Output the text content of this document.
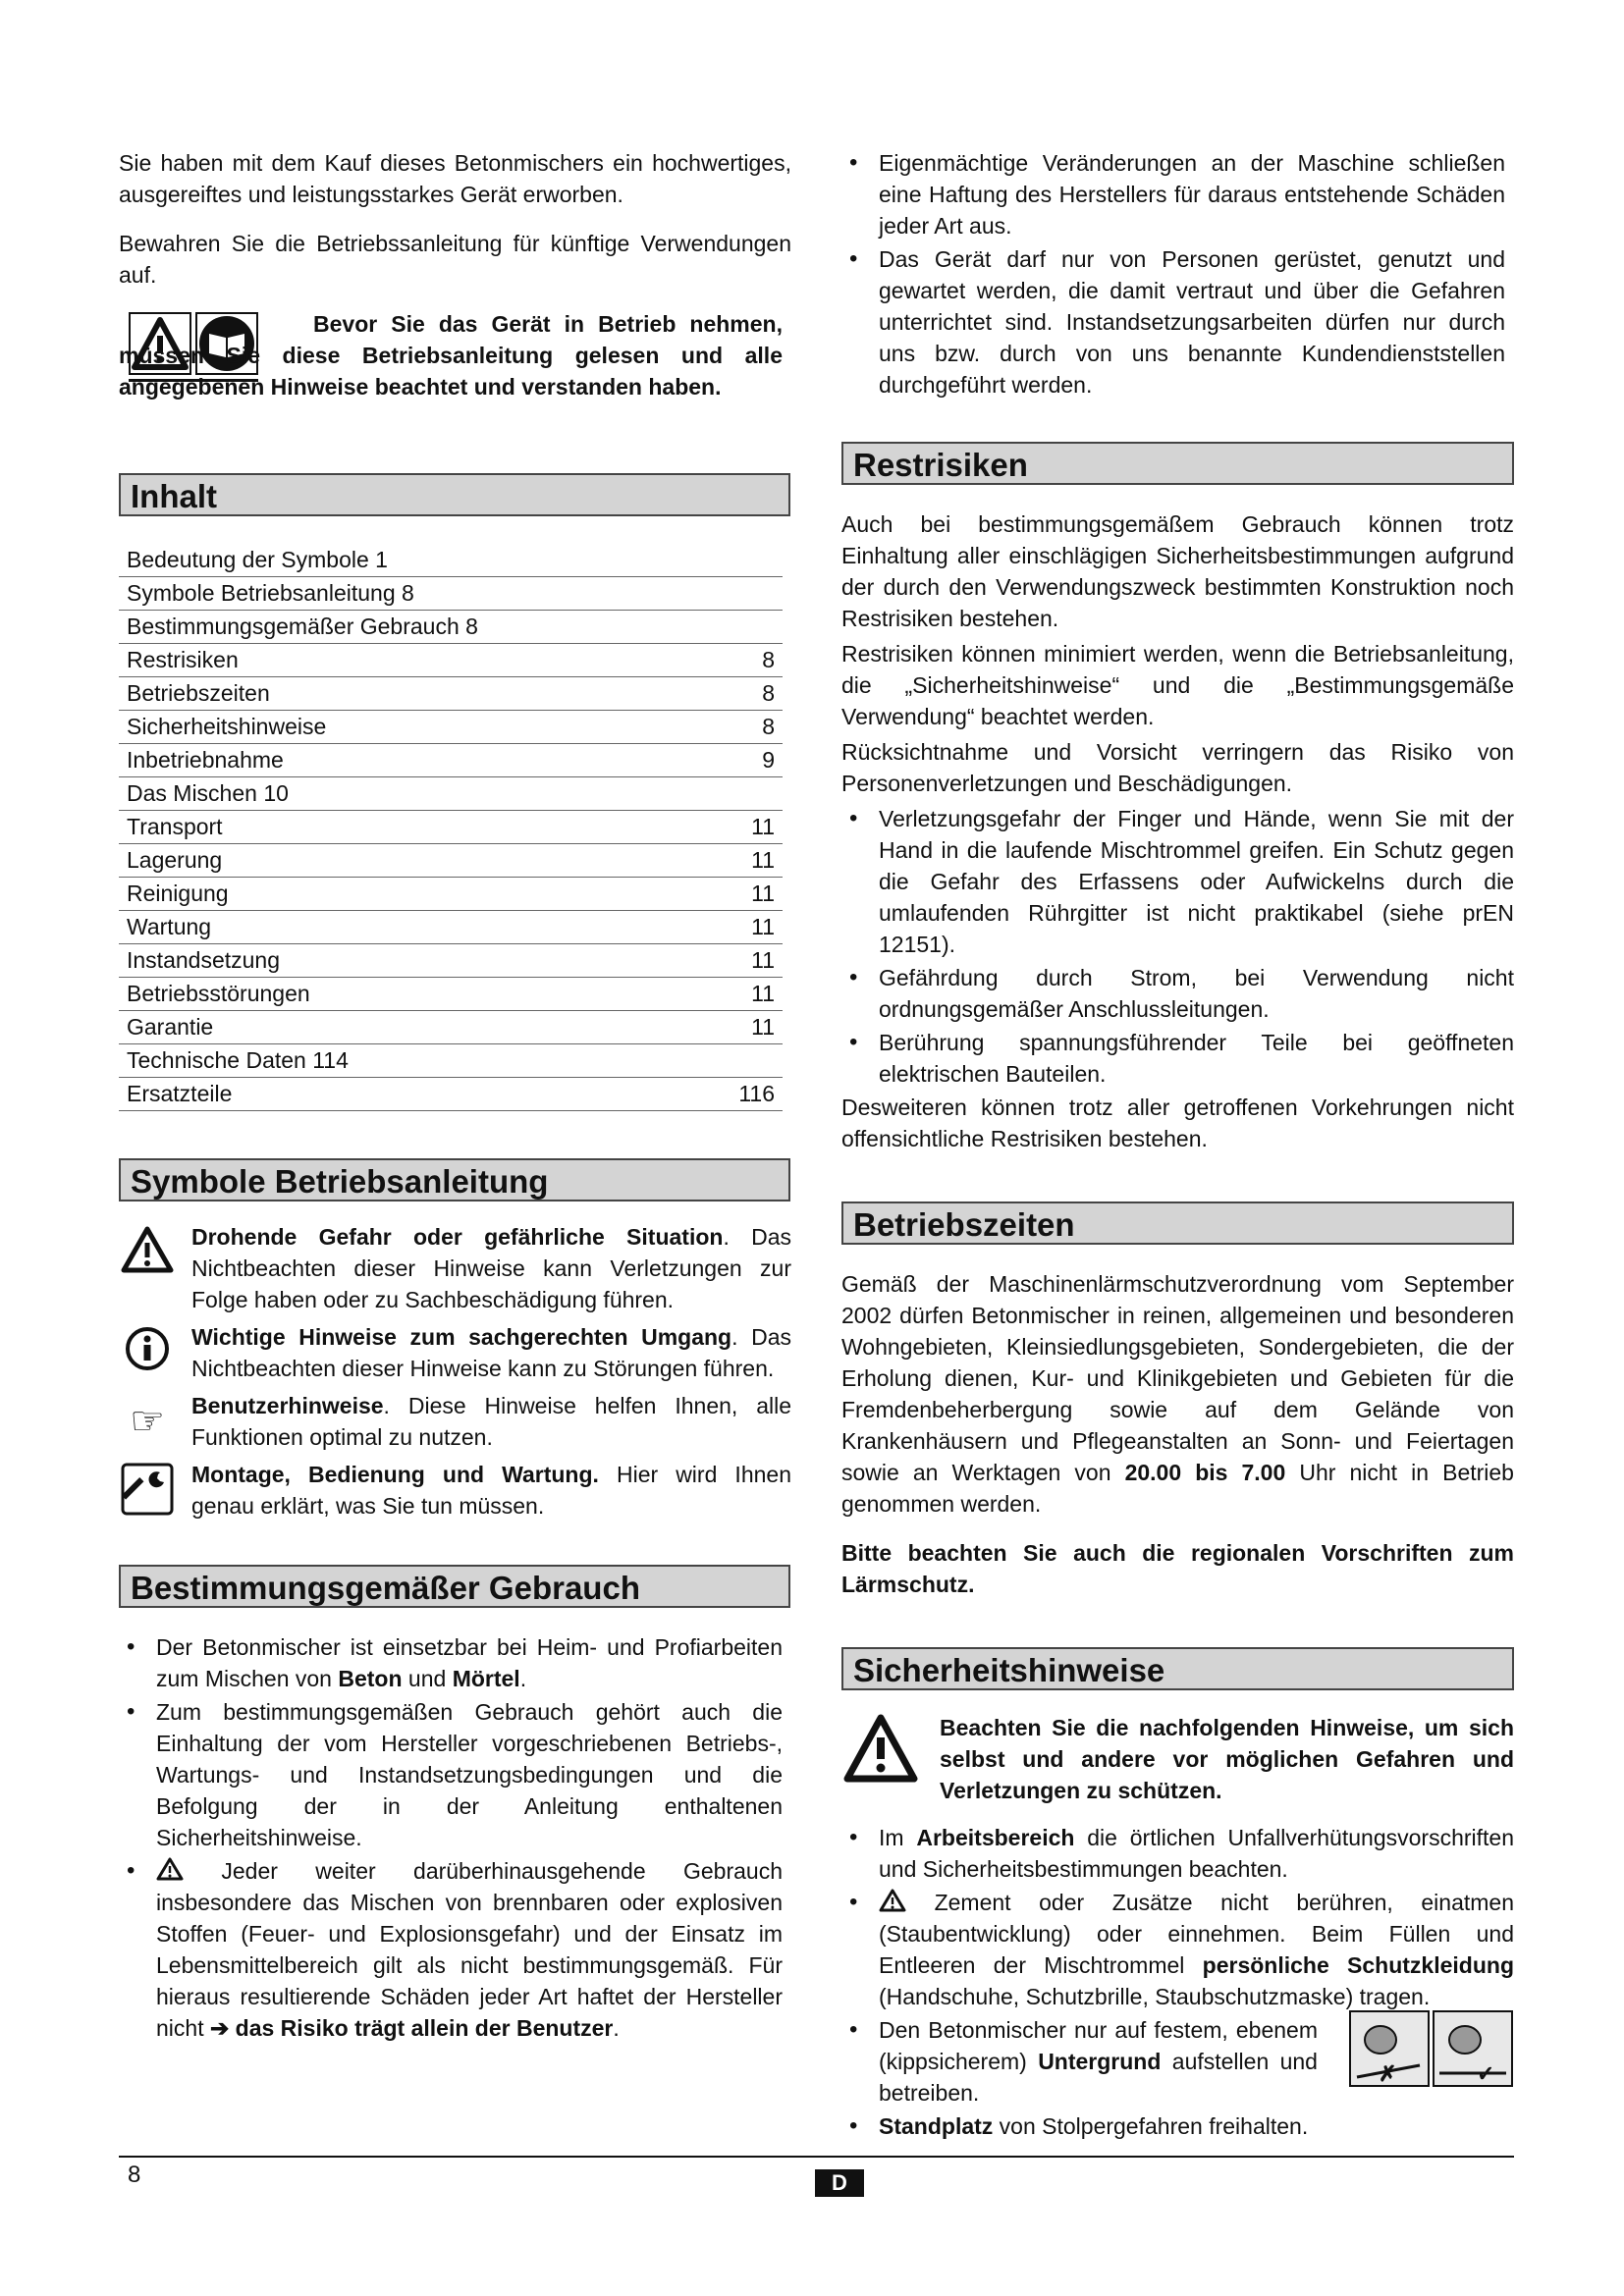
Sie haben mit dem Kauf dieses Betonmischers ein hochwertiges, ausgereiftes und leistungsstarkes Gerät erworben.

Bewahren Sie die Betriebssanleitung für künftige Verwendungen auf.

Bevor Sie das Gerät in Betrieb nehmen, müssen Sie diese Betriebsanleitung gelesen und alle angegebenen Hinweise beachtet und verstanden haben.
Inhalt
Bedeutung der Symbole 1
Symbole Betriebsanleitung 8
Bestimmungsgemäßer Gebrauch 8
Restrisiken	8
Betriebszeiten	8
Sicherheitshinweise	8
Inbetriebnahme	9
Das Mischen 10
Transport	11
Lagerung	11
Reinigung	11
Wartung	11
Instandsetzung	11
Betriebsstörungen	11
Garantie	11
Technische Daten 114
Ersatzteile	116
Symbole Betriebsanleitung
Drohende Gefahr oder gefährliche Situation. Das Nichtbeachten dieser Hinweise kann Verletzungen zur Folge haben oder zu Sachbeschädigung führen.
Wichtige Hinweise zum sachgerechten Umgang. Das Nichtbeachten dieser Hinweise kann zu Störungen führen.
☞ Benutzerhinweise. Diese Hinweise helfen Ihnen, alle Funktionen optimal zu nutzen.
Montage, Bedienung und Wartung. Hier wird Ihnen genau erklärt, was Sie tun müssen.
Bestimmungsgemäßer Gebrauch
• Der Betonmischer ist einsetzbar bei Heim- und Profiarbeiten zum Mischen von Beton und Mörtel.
• Zum bestimmungsgemäßen Gebrauch gehört auch die Einhaltung der vom Hersteller vorgeschriebenen Betriebs-, Wartungs- und Instandsetzungsbedingungen und die Befolgung der in der Anleitung enthaltenen Sicherheitshinweise.
• Jeder weiter darüberhinausgehende Gebrauch insbesondere das Mischen von brennbaren oder explosiven Stoffen (Feuer- und Explosionsgefahr) und der Einsatz im Lebensmittelbereich gilt als nicht bestimmungsgemäß. Für hieraus resultierende Schäden jeder Art haftet der Hersteller nicht ➔ das Risiko trägt allein der Benutzer.
• Eigenmächtige Veränderungen an der Maschine schließen eine Haftung des Herstellers für daraus entstehende Schäden jeder Art aus.
• Das Gerät darf nur von Personen gerüstet, genutzt und gewartet werden, die damit vertraut und über die Gefahren unterrichtet sind. Instandsetzungsarbeiten dürfen nur durch uns bzw. durch von uns benannte Kundendienststellen durchgeführt werden.
Restrisiken

Auch bei bestimmungsgemäßem Gebrauch können trotz Einhaltung aller einschlägigen Sicherheitsbestimmungen aufgrund der durch den Verwendungszweck bestimmten Konstruktion noch Restrisiken bestehen.

Restrisiken können minimiert werden, wenn die Betriebsanleitung, die „Sicherheitshinweise“ und die „Bestimmungsgemäße Verwendung“ beachtet werden.

Rücksichtnahme und Vorsicht verringern das Risiko von Personenverletzungen und Beschädigungen.

• Verletzungsgefahr der Finger und Hände, wenn Sie mit der Hand in die laufende Mischtrommel greifen. Ein Schutz gegen die Gefahr des Erfassens oder Aufwickelns durch die umlaufenden Rührgitter ist nicht praktikabel (siehe prEN 12151).
• Gefährdung durch Strom, bei Verwendung nicht ordnungsgemäßer Anschlussleitungen.
• Berührung spannungsführender Teile bei geöffneten elektrischen Bauteilen.

Desweiteren können trotz aller getroffenen Vorkehrungen nicht offensichtliche Restrisiken bestehen.

Betriebszeiten

Gemäß der Maschinenlärmschutzverordnung vom September 2002 dürfen Betonmischer in reinen, allgemeinen und besonderen Wohngebieten, Kleinsiedlungsgebieten, Sondergebieten, die der Erholung dienen, Kur- und Klinikgebieten und Gebieten für die Fremdenbeherbergung sowie auf dem Gelände von Krankenhäusern und Pflegeanstalten an Sonn- und Feiertagen sowie an Werktagen von 20.00 bis 7.00 Uhr nicht in Betrieb genommen werden.

Bitte beachten Sie auch die regionalen Vorschriften zum Lärmschutz.

Sicherheitshinweise
Beachten Sie die nachfolgenden Hinweise, um sich selbst und andere vor möglichen Gefahren und Verletzungen zu schützen.
• Im Arbeitsbereich die örtlichen Unfallverhütungsvorschriften und Sicherheitsbestimmungen beachten.
• Zement oder Zusätze nicht berühren, einatmen (Staubentwicklung) oder einnehmen. Beim Füllen und Entleeren der Mischtrommel persönliche Schutzkleidung (Handschuhe, Schutzbrille, Staubschutzmaske) tragen.
• Den Betonmischer nur auf festem, ebenem (kippsicherem) Untergrund aufstellen und betreiben.
✗	✓
• Standplatz von Stolpergefahren freihalten.
8	D
